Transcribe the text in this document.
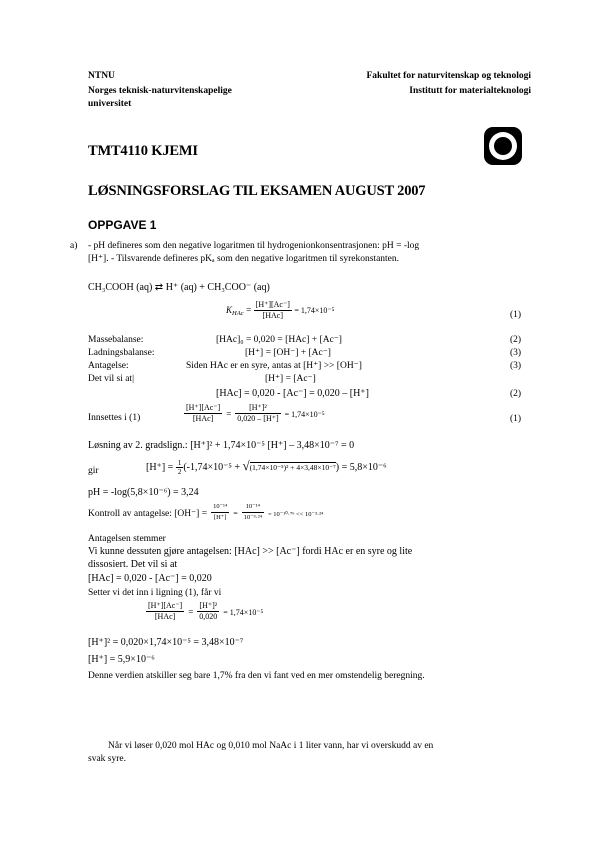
NTNU
Norges teknisk-naturvitenskapelige
universitet
Fakultet for naturvitenskap og teknologi
Institutt for materialteknologi
TMT4110 KJEMI
LØSNINGSFORSLAG TIL EKSAMEN AUGUST 2007
OPPGAVE 1
a) - pH defineres som den negative logaritmen til hydrogenionkonsentrasjonen: pH = -log
[H⁺]. - Tilsvarende defineres pKₐ som den negative logaritmen til syrekonstanten.
CH₃COOH (aq) ⇄ H⁺ (aq) + CH₃COO⁻ (aq)
$K_{HAc} = \frac{[H^+][Ac^-]}{\text{[HAc]}} = 1,74\times 10^{-5}$	(1)
Massebalanse:	[HAc]₀ = 0,020 = [HAc] + [Ac⁻]	(2)
Ladningsbalanse:	[H⁺] = [OH⁻] + [Ac⁻]	(3)
Antagelse:	Siden HAc er en syre, antas at [H⁺] >> [OH⁻]	(3)
Det vil si at|	[H⁺] = [Ac⁻]
[HAc] = 0,020 - [Ac⁻] = 0,020 – [H⁺]	(2)
Innsettes i (1)	$\frac{[H^+][Ac^-]}{\text{[HAc]}} = \frac{\text{[H⁺]²}}{0,020 - [H^+]} = 1,74\times 10^{-5}$	(1)
Løsning av 2. gradslign.: [H⁺]² + 1,74×10⁻⁵ [H⁺] – 3,48×10⁻⁷ = 0
gir	$[H^+] = \frac{1}{2} (-1,74\times 10^{-5} + √(1,74\times 10^{-5})^2 + 4\times 3,48\times 10^{-7}) = 5,8\times 10^{-6}$
pH = -log(5,8×10⁻⁶) = 3,24
Kontroll av antagelse: $[OH^-] = \frac{\text{10⁻¹⁴}}{[H^+]} = \frac{\text{10⁻¹⁴}}{\text{10⁻³·²⁴}} = 10^{-10}\cdot^{76} << 10^{-3}\cdot^{24}$
Antagelsen stemmer
Vi kunne dessuten gjøre antagelsen: [HAc] >> [Ac⁻] fordi HAc er en syre og lite
dissosiert. Det vil si at
[HAc] = 0,020 - [Ac⁻] = 0,020
Setter vi det inn i ligning (1), får vi
$\frac{[H^+][Ac^-]}{\text{[HAc]}} = \frac{\text{[H⁺]²}}{0,020} = 1,74\times 10^{-5}$
[H⁺]² = 0,020×1,74×10⁻⁵ = 3,48×10⁻⁷
[H⁺] = 5,9×10⁻⁶
Denne verdien atskiller seg bare 1,7% fra den vi fant ved en mer omstendelig beregning.
Når vi løser 0,020 mol HAc og 0,010 mol NaAc i 1 liter vann, har vi overskudd av en
svak syre.
